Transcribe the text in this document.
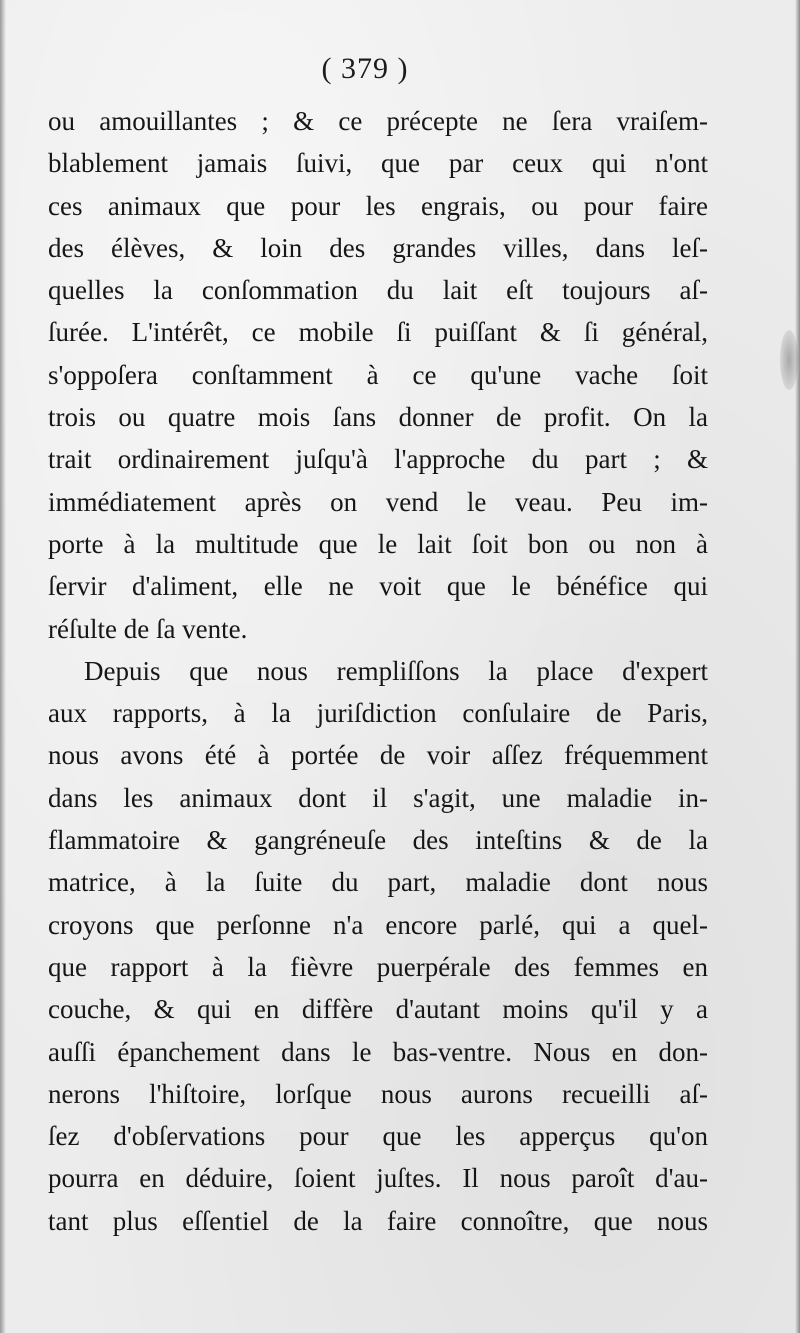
( 379 )
ou amouillantes ; & ce précepte ne ſera vraiſem-
blablement jamais ſuivi, que par ceux qui n'ont
ces animaux que pour les engrais, ou pour faire
des élèves, & loin des grandes villes, dans leſ-
quelles la conſommation du lait eſt toujours aſ-
ſurée. L'intérêt, ce mobile ſi puiſſant & ſi général,
s'oppoſera conſtamment à ce qu'une vache ſoit
trois ou quatre mois ſans donner de profit. On la
trait ordinairement juſqu'à l'approche du part ; &
immédiatement après on vend le veau. Peu im-
porte à la multitude que le lait ſoit bon ou non à
ſervir d'aliment, elle ne voit que le bénéfice qui
réſulte de ſa vente.
Depuis que nous rempliſſons la place d'expert
aux rapports, à la juriſdiction conſulaire de Paris,
nous avons été à portée de voir aſſez fréquemment
dans les animaux dont il s'agit, une maladie in-
flammatoire & gangréneuſe des inteſtins & de la
matrice, à la ſuite du part, maladie dont nous
croyons que perſonne n'a encore parlé, qui a quel-
que rapport à la fièvre puerpérale des femmes en
couche, & qui en diffère d'autant moins qu'il y a
auſſi épanchement dans le bas-ventre. Nous en don-
nerons l'hiſtoire, lorſque nous aurons recueilli aſ-
ſez d'obſervations pour que les apperçus qu'on
pourra en déduire, ſoient juſtes. Il nous paroît d'au-
tant plus eſſentiel de la faire connoître, que nous
